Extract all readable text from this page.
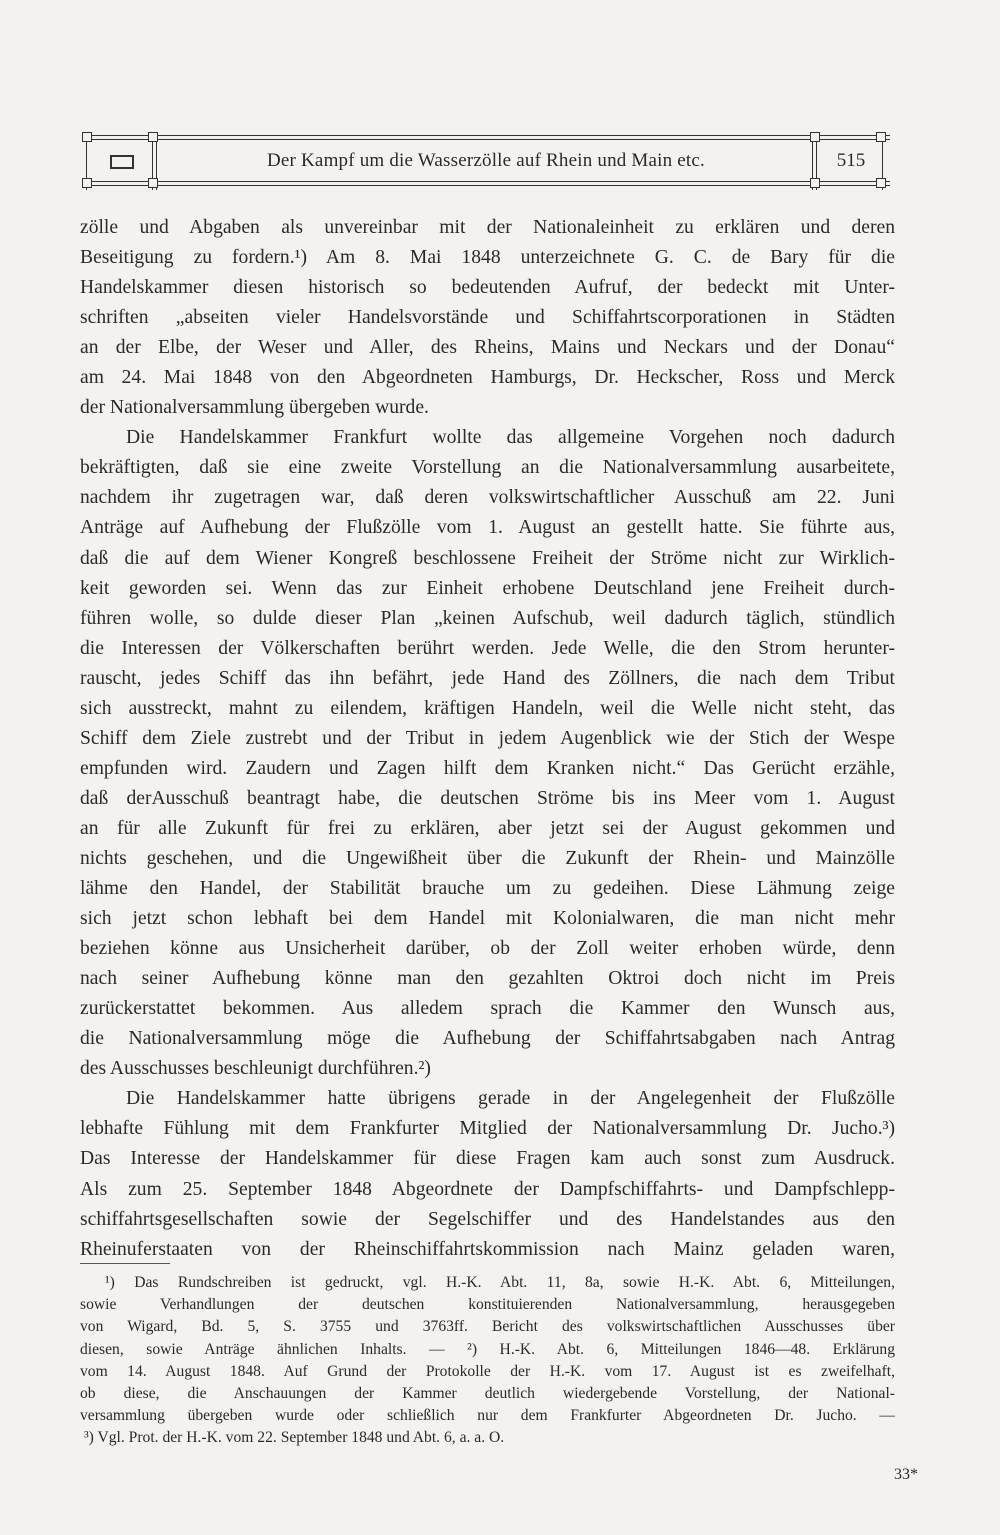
Der Kampf um die Wasserzölle auf Rhein und Main etc.	515
zölle und Abgaben als unvereinbar mit der Nationaleinheit zu erklären und deren
Beseitigung zu fordern.¹) Am 8. Mai 1848 unterzeichnete G. C. de Bary für die
Handelskammer diesen historisch so bedeutenden Aufruf, der bedeckt mit Unter-
schriften „abseiten vieler Handelsvorstände und Schiffahrtscorporationen in Städten
an der Elbe, der Weser und Aller, des Rheins, Mains und Neckars und der Donau“
am 24. Mai 1848 von den Abgeordneten Hamburgs, Dr. Heckscher, Ross und Merck
der Nationalversammlung übergeben wurde.
Die Handelskammer Frankfurt wollte das allgemeine Vorgehen noch dadurch
bekräftigten, daß sie eine zweite Vorstellung an die Nationalversammlung ausarbeitete,
nachdem ihr zugetragen war, daß deren volkswirtschaftlicher Ausschuß am 22. Juni
Anträge auf Aufhebung der Flußzölle vom 1. August an gestellt hatte. Sie führte aus,
daß die auf dem Wiener Kongreß beschlossene Freiheit der Ströme nicht zur Wirklich-
keit geworden sei. Wenn das zur Einheit erhobene Deutschland jene Freiheit durch-
führen wolle, so dulde dieser Plan „keinen Aufschub, weil dadurch täglich, stündlich
die Interessen der Völkerschaften berührt werden. Jede Welle, die den Strom herunter-
rauscht, jedes Schiff das ihn befährt, jede Hand des Zöllners, die nach dem Tribut
sich ausstreckt, mahnt zu eilendem, kräftigen Handeln, weil die Welle nicht steht, das
Schiff dem Ziele zustrebt und der Tribut in jedem Augenblick wie der Stich der Wespe
empfunden wird. Zaudern und Zagen hilft dem Kranken nicht.“ Das Gerücht erzähle,
daß derAusschuß beantragt habe, die deutschen Ströme bis ins Meer vom 1. August
an für alle Zukunft für frei zu erklären, aber jetzt sei der August gekommen und
nichts geschehen, und die Ungewißheit über die Zukunft der Rhein- und Mainzölle
lähme den Handel, der Stabilität brauche um zu gedeihen. Diese Lähmung zeige
sich jetzt schon lebhaft bei dem Handel mit Kolonialwaren, die man nicht mehr
beziehen könne aus Unsicherheit darüber, ob der Zoll weiter erhoben würde, denn
nach seiner Aufhebung könne man den gezahlten Oktroi doch nicht im Preis
zurückerstattet bekommen. Aus alledem sprach die Kammer den Wunsch aus,
die Nationalversammlung möge die Aufhebung der Schiffahrtsabgaben nach Antrag
des Ausschusses beschleunigt durchführen.²)
Die Handelskammer hatte übrigens gerade in der Angelegenheit der Flußzölle
lebhafte Fühlung mit dem Frankfurter Mitglied der Nationalversammlung Dr. Jucho.³)
Das Interesse der Handelskammer für diese Fragen kam auch sonst zum Ausdruck.
Als zum 25. September 1848 Abgeordnete der Dampfschiffahrts- und Dampfschlepp-
schiffahrtsgesellschaften sowie der Segelschiffer und des Handelstandes aus den
Rheinuferstaaten von der Rheinschiffahrtskommission nach Mainz geladen waren,
¹) Das Rundschreiben ist gedruckt, vgl. H.-K. Abt. 11, 8a, sowie H.-K. Abt. 6, Mitteilungen,
sowie Verhandlungen der deutschen konstituierenden Nationalversammlung, herausgegeben
von Wigard, Bd. 5, S. 3755 und 3763ff. Bericht des volkswirtschaftlichen Ausschusses über
diesen, sowie Anträge ähnlichen Inhalts. — ²) H.-K. Abt. 6, Mitteilungen 1846—48. Erklärung
vom 14. August 1848. Auf Grund der Protokolle der H.-K. vom 17. August ist es zweifelhaft,
ob diese, die Anschauungen der Kammer deutlich wiedergebende Vorstellung, der National-
versammlung übergeben wurde oder schließlich nur dem Frankfurter Abgeordneten Dr. Jucho. —
³) Vgl. Prot. der H.-K. vom 22. September 1848 und Abt. 6, a. a. O.
33*
